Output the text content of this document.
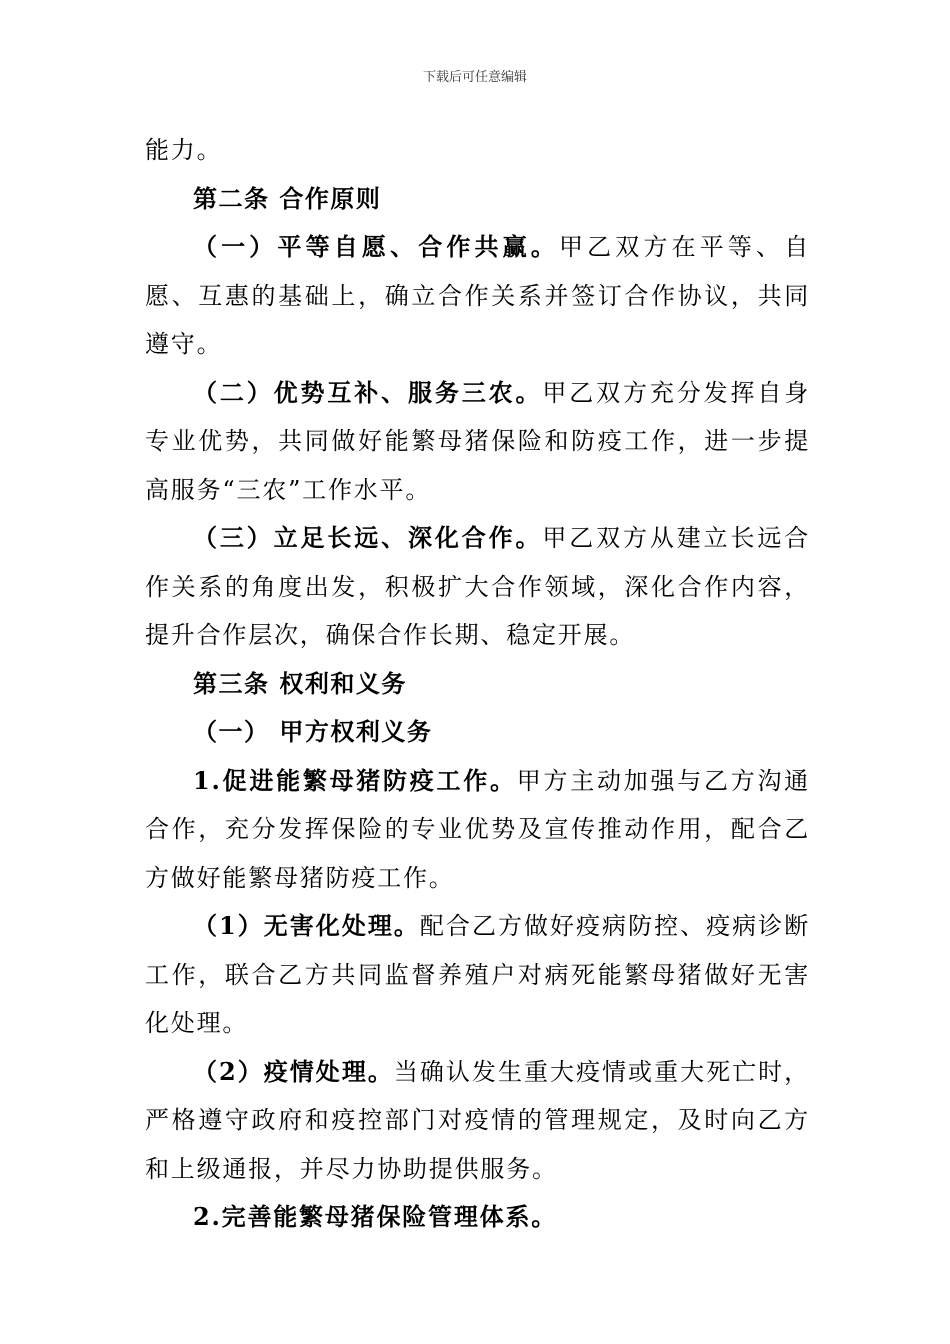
下载后可任意编辑

能力。

第二条 合作原则

（一）平等自愿、合作共赢。甲乙双方在平等、自愿、互惠的基础上，确立合作关系并签订合作协议，共同遵守。

（二）优势互补、服务三农。甲乙双方充分发挥自身专业优势，共同做好能繁母猪保险和防疫工作，进一步提高服务“三农”工作水平。

（三）立足长远、深化合作。甲乙双方从建立长远合作关系的角度出发，积极扩大合作领域，深化合作内容，提升合作层次，确保合作长期、稳定开展。

第三条 权利和义务

（一） 甲方权利义务

1.促进能繁母猪防疫工作。甲方主动加强与乙方沟通合作，充分发挥保险的专业优势及宣传推动作用，配合乙方做好能繁母猪防疫工作。

（1）无害化处理。配合乙方做好疫病防控、疫病诊断工作，联合乙方共同监督养殖户对病死能繁母猪做好无害化处理。

（2）疫情处理。当确认发生重大疫情或重大死亡时，严格遵守政府和疫控部门对疫情的管理规定，及时向乙方和上级通报，并尽力协助提供服务。

2.完善能繁母猪保险管理体系。
